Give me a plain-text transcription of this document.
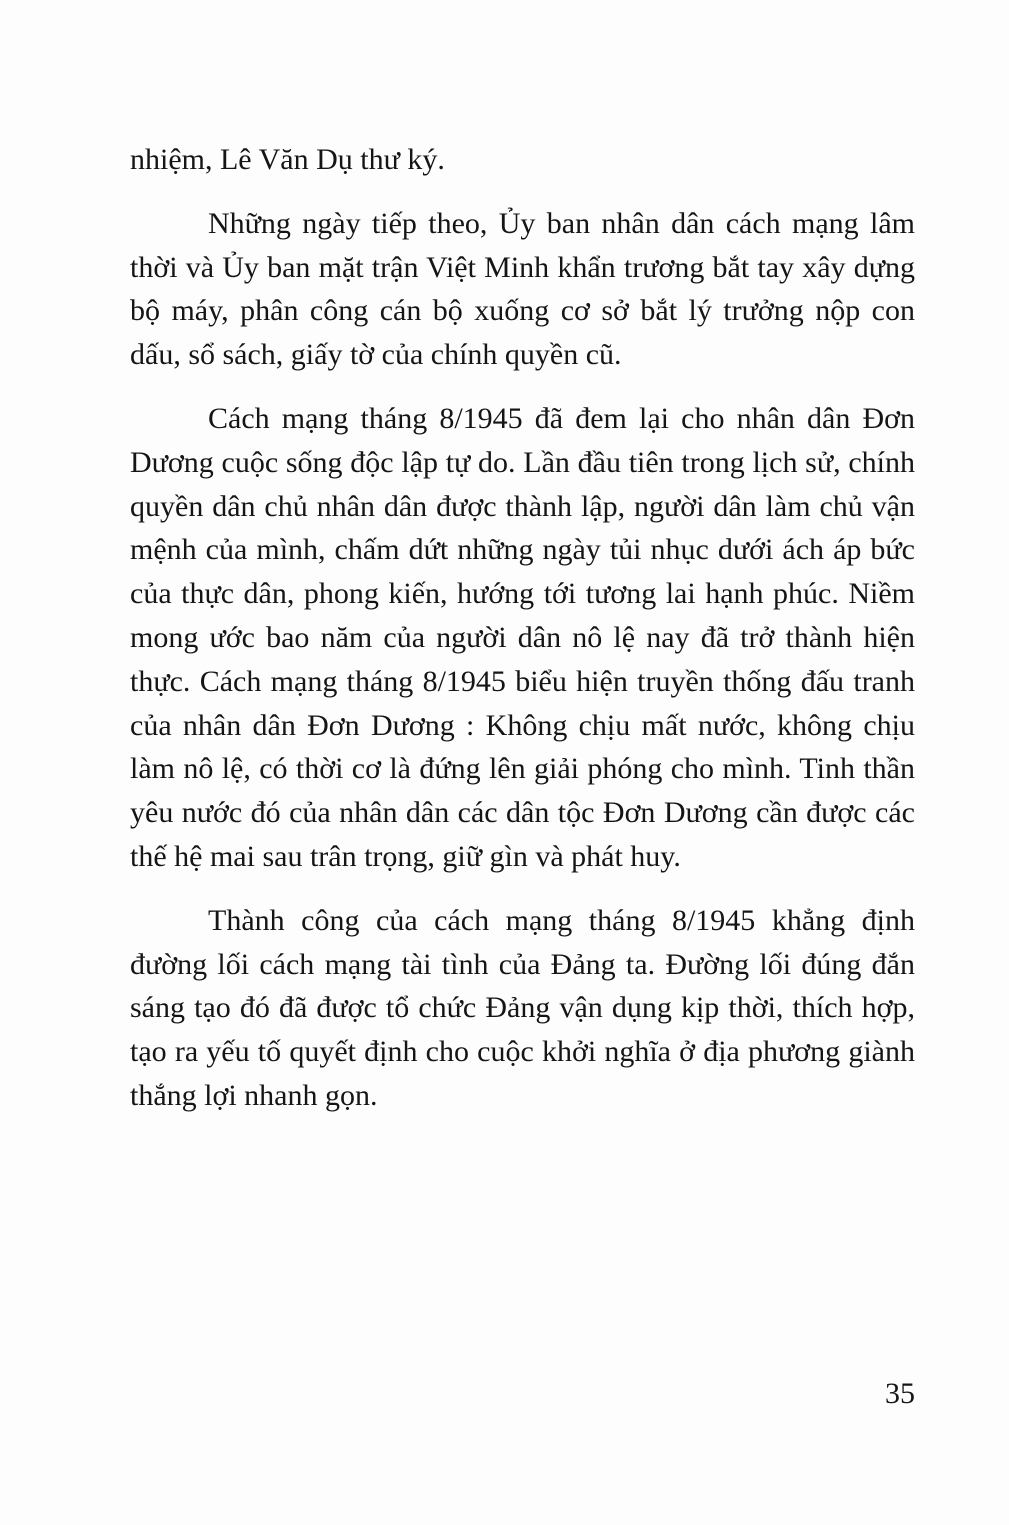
nhiệm, Lê Văn Dụ thư ký.

Những ngày tiếp theo, Ủy ban nhân dân cách mạng lâm thời và Ủy ban mặt trận Việt Minh khẩn trương bắt tay xây dựng bộ máy, phân công cán bộ xuống cơ sở bắt lý trưởng nộp con dấu, sổ sách, giấy tờ của chính quyền cũ.

Cách mạng tháng 8/1945 đã đem lại cho nhân dân Đơn Dương cuộc sống độc lập tự do. Lần đầu tiên trong lịch sử, chính quyền dân chủ nhân dân được thành lập, người dân làm chủ vận mệnh của mình, chấm dứt những ngày tủi nhục dưới ách áp bức của thực dân, phong kiến, hướng tới tương lai hạnh phúc. Niềm mong ước bao năm của người dân nô lệ nay đã trở thành hiện thực. Cách mạng tháng 8/1945 biểu hiện truyền thống đấu tranh của nhân dân Đơn Dương : Không chịu mất nước, không chịu làm nô lệ, có thời cơ là đứng lên giải phóng cho mình. Tinh thần yêu nước đó của nhân dân các dân tộc Đơn Dương cần được các thế hệ mai sau trân trọng, giữ gìn và phát huy.

Thành công của cách mạng tháng 8/1945 khẳng định đường lối cách mạng tài tình của Đảng ta. Đường lối đúng đắn sáng tạo đó đã được tổ chức Đảng vận dụng kịp thời, thích hợp, tạo ra yếu tố quyết định cho cuộc khởi nghĩa ở địa phương giành thắng lợi nhanh gọn.

35
